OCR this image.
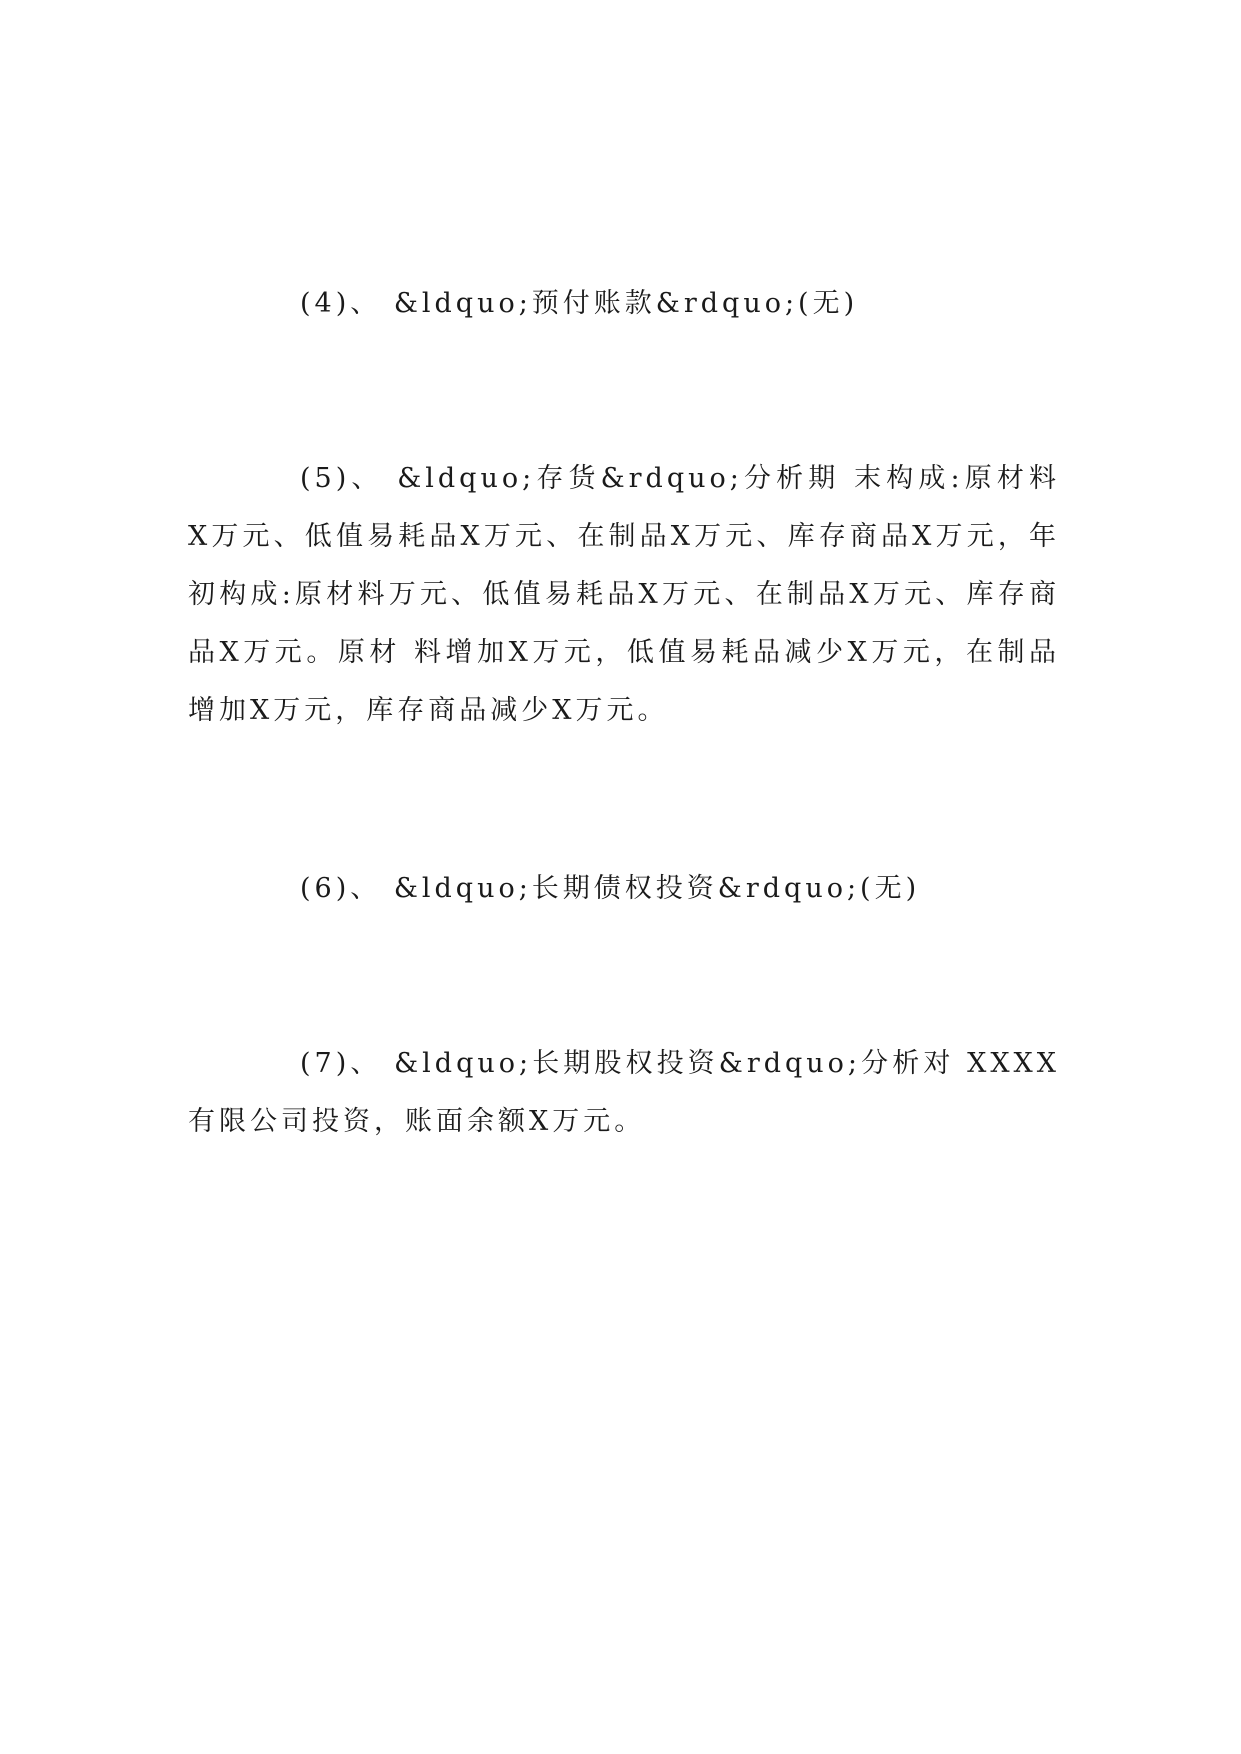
(4)、 &ldquo;预付账款&rdquo;(无)

(5)、 &ldquo;存货&rdquo;分析期 末构成:原材料X万元、低值易耗品X万元、在制品X万元、库存商品X万元，年初构成:原材料万元、低值易耗品X万元、在制品X万元、库存商品X万元。原材 料增加X万元，低值易耗品减少X万元，在制品增加X万元，库存商品减少X万元。

(6)、 &ldquo;长期债权投资&rdquo;(无)

(7)、 &ldquo;长期股权投资&rdquo;分析对 XXXX有限公司投资，账面余额X万元。
